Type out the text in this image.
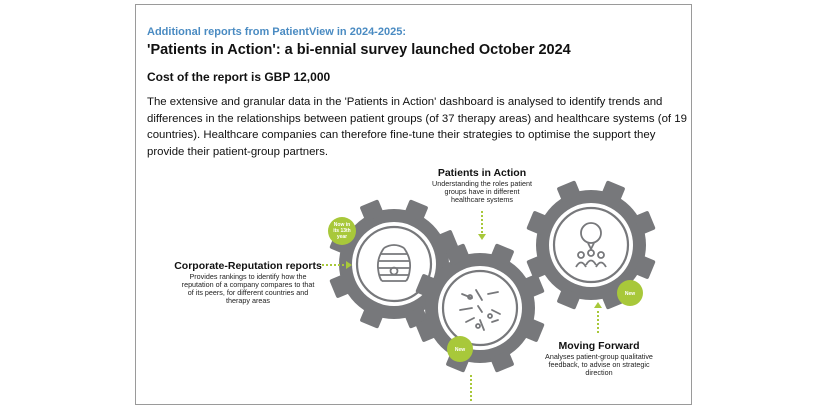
Additional reports from PatientView in 2024-2025:
'Patients in Action': a bi-ennial survey launched October 2024
Cost of the report is GBP 12,000
The extensive and granular data in the 'Patients in Action' dashboard is analysed to identify trends and differences in the relationships between patient groups (of 37 therapy areas) and healthcare systems (of 19 countries). Healthcare companies can therefore fine-tune their strategies to optimise the support they provide their patient-group partners.
Now in
its 13th
year
New
New
Corporate-Reputation reports
Provides rankings to identify how the
reputation of a company compares to that
of its peers, for different countries and
therapy areas
Patients in Action
Understanding the roles patient
groups have in different
healthcare systems
Moving Forward
Analyses patient-group qualitative
feedback, to advise on strategic
direction
